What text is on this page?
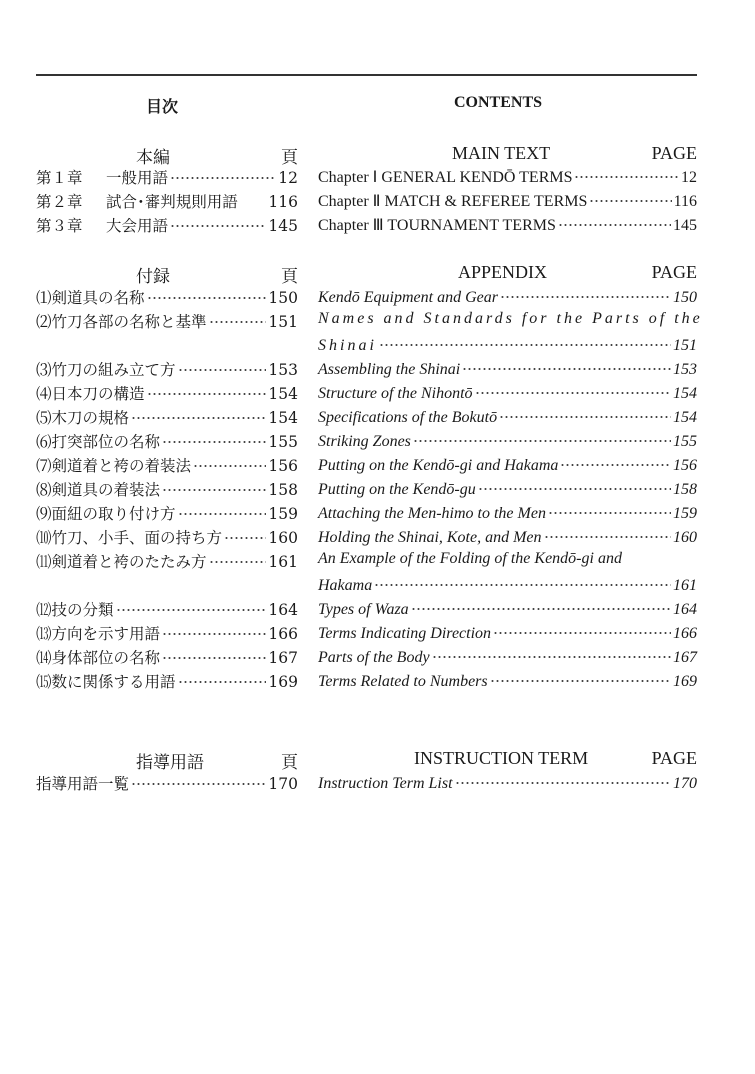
目次
本編	頁
第１章 一般用語	12
第２章 試合･審判規則用語 116
第３章 大会用語	145
付録	頁
⑴剣道具の名称	150
⑵竹刀各部の名称と基準	151
⑶竹刀の組み立て方	153
⑷日本刀の構造	154
⑸木刀の規格	154
⑹打突部位の名称	155
⑺剣道着と袴の着装法	156
⑻剣道具の着装法	158
⑼面紐の取り付け方	159
⑽竹刀、小手、面の持ち方	160
⑾剣道着と袴のたたみ方	161
⑿技の分類	164
⒀方向を示す用語	166
⒁身体部位の名称	167
⒂数に関係する用語	169
指導用語	頁
指導用語一覧	170
CONTENTS
MAIN TEXT	PAGE
Chapter Ⅰ GENERAL KENDŌ TERMS	12
Chapter Ⅱ MATCH & REFEREE TERMS	116
Chapter Ⅲ TOURNAMENT TERMS	145
APPENDIX	PAGE
Kendō Equipment and Gear	150
Names and Standards for the Parts of the
Shinai	151
Assembling the Shinai	153
Structure of the Nihontō	154
Specifications of the Bokutō	154
Striking Zones	155
Putting on the Kendō-gi and Hakama	156
Putting on the Kendō-gu	158
Attaching the Men-himo to the Men	159
Holding the Shinai, Kote, and Men	160
An Example of the Folding of the Kendō-gi and
Hakama	161
Types of Waza	164
Terms Indicating Direction	166
Parts of the Body	167
Terms Related to Numbers	169
INSTRUCTION TERM	PAGE
Instruction Term List	170
